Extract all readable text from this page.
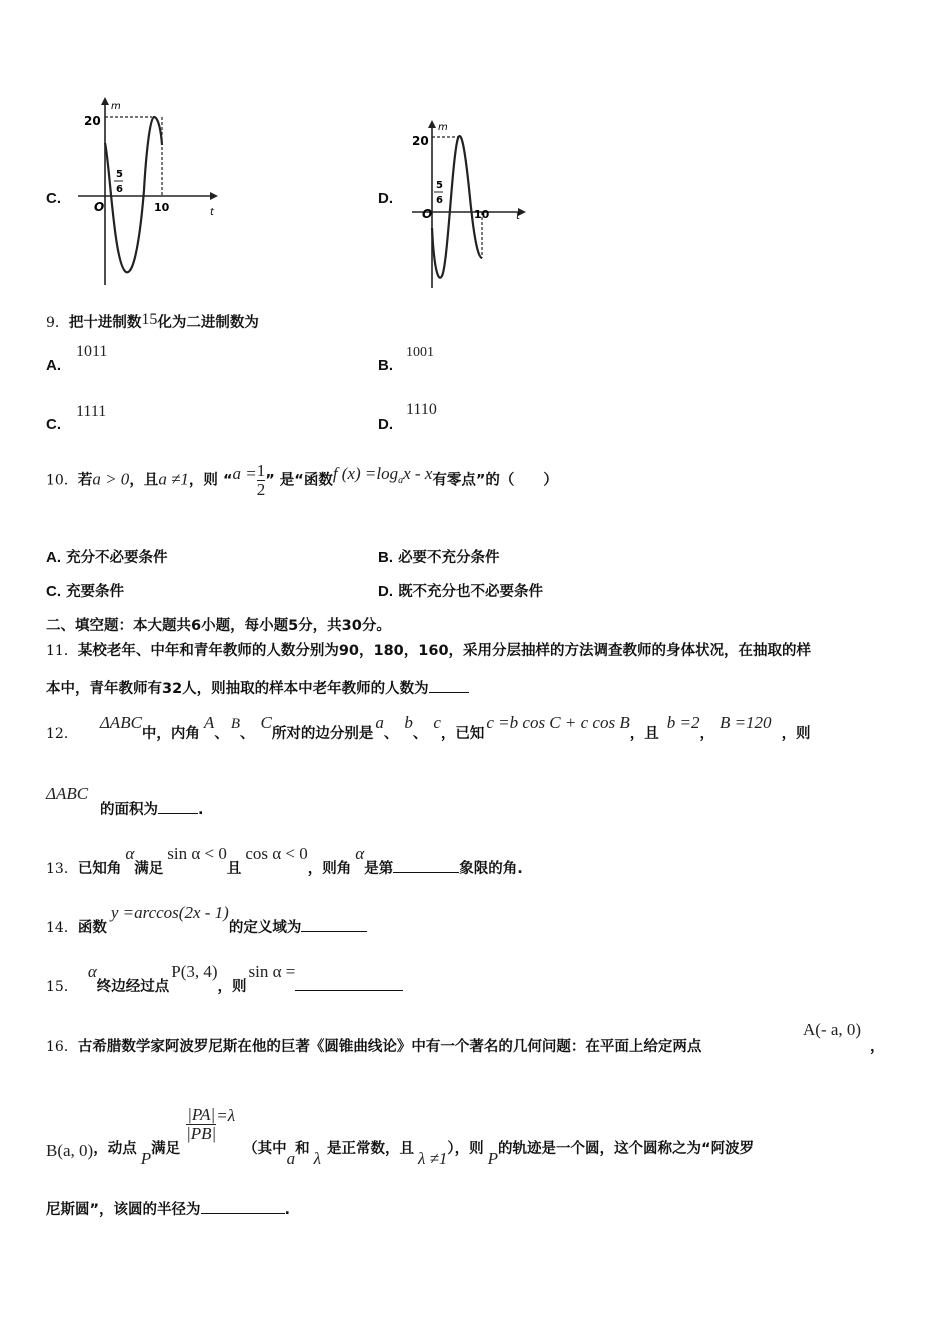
C.
m
t
20
5
6
10
O	D.
m
t
20
5
6
10
O
9．把十进制数15化为二进制数为
A.
1011
B.
1001
C.
1111
D.
1110
10．若a > 0，且a ≠1，则 “$a = \frac{1}{2}$ ” 是“函数f (x) =logax - x有零点”的（　　）
A. 充分不必要条件	B. 必要不充分条件
C. 充要条件	D. 既不充分也不必要条件
二、填空题：本大题共6小题，每小题5分，共30分。
11．某校老年、中年和青年教师的人数分别为90，180，160，采用分层抽样的方法调查教师的身体状况，在抽取的样
本中，青年教师有32人，则抽取的样本中老年教师的人数为
12．ΔABC中，内角A、B、C所对的边分别是a、b、c，已知c =b cos C + c cos B，且b =2，B =120，则
ΔABC
的面积为	.
13．已知角α满足sin α < 0且cos α < 0，则角α是第	象限的角.
14．函数y =arccos(2x - 1)的定义域为
15．α终边经过点P(3, 4)，则sin α =
16．古希腊数学家阿波罗尼斯在他的巨著《圆锥曲线论》中有一个著名的几何问题：在平面上给定两点
A(- a, 0)
，
B(a, 0)，动点 P满足
$\frac{|PA|}{|PB|} =\lambda$（其中a和 λ 是正常数，且 λ ≠1），则 P的轨迹是一个圆，这个圆称之为“阿波罗
尼斯圆”，该圆的半径为	.
